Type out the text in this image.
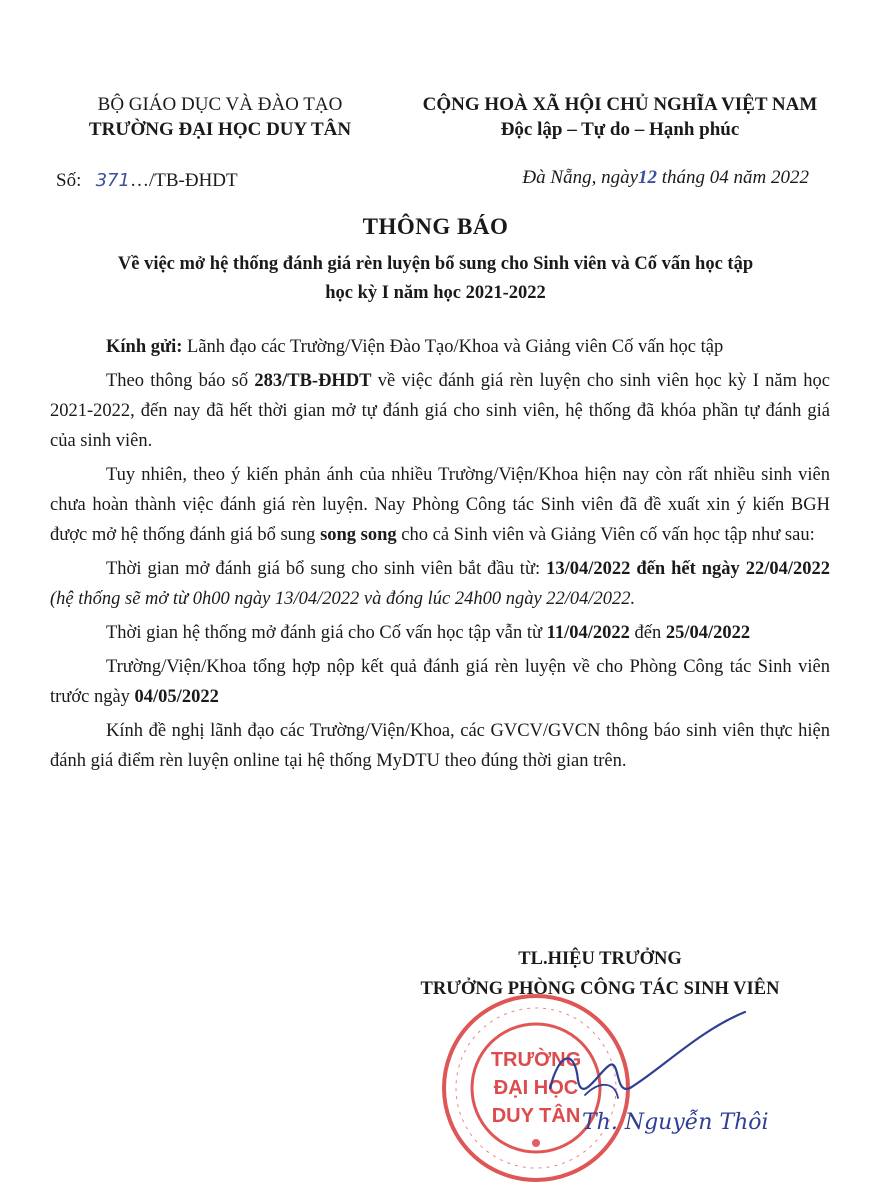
BỘ GIÁO DỤC VÀ ĐÀO TẠO
TRƯỜNG ĐẠI HỌC DUY TÂN
CỘNG HOÀ XÃ HỘI CHỦ NGHĨA VIỆT NAM
Độc lập – Tự do – Hạnh phúc
Số: 371…/TB-ĐHDT	Đà Nẵng, ngày12 tháng 04 năm 2022
THÔNG BÁO
Về việc mở hệ thống đánh giá rèn luyện bổ sung cho Sinh viên và Cố vấn học tập
học kỳ I năm học 2021-2022

Kính gửi: Lãnh đạo các Trường/Viện Đào Tạo/Khoa và Giảng viên Cố vấn học tập

Theo thông báo số 283/TB-ĐHDT về việc đánh giá rèn luyện cho sinh viên học kỳ I năm học 2021-2022, đến nay đã hết thời gian mở tự đánh giá cho sinh viên, hệ thống đã khóa phần tự đánh giá của sinh viên.

Tuy nhiên, theo ý kiến phản ánh của nhiều Trường/Viện/Khoa hiện nay còn rất nhiều sinh viên chưa hoàn thành việc đánh giá rèn luyện. Nay Phòng Công tác Sinh viên đã đề xuất xin ý kiến BGH được mở hệ thống đánh giá bổ sung song song cho cả Sinh viên và Giảng Viên cố vấn học tập như sau:

Thời gian mở đánh giá bổ sung cho sinh viên bắt đầu từ: 13/04/2022 đến hết ngày 22/04/2022 (hệ thống sẽ mở từ 0h00 ngày 13/04/2022 và đóng lúc 24h00 ngày 22/04/2022.

Thời gian hệ thống mở đánh giá cho Cố vấn học tập vẫn từ 11/04/2022 đến 25/04/2022

Trường/Viện/Khoa tổng hợp nộp kết quả đánh giá rèn luyện về cho Phòng Công tác Sinh viên trước ngày 04/05/2022

Kính đề nghị lãnh đạo các Trường/Viện/Khoa, các GVCV/GVCN thông báo sinh viên thực hiện đánh giá điểm rèn luyện online tại hệ thống MyDTU theo đúng thời gian trên.

TL.HIỆU TRƯỞNG
TRƯỞNG PHÒNG CÔNG TÁC SINH VIÊN
TRƯỜNG
ĐẠI HỌC
DUY TÂN Th. Nguyễn Thôi
